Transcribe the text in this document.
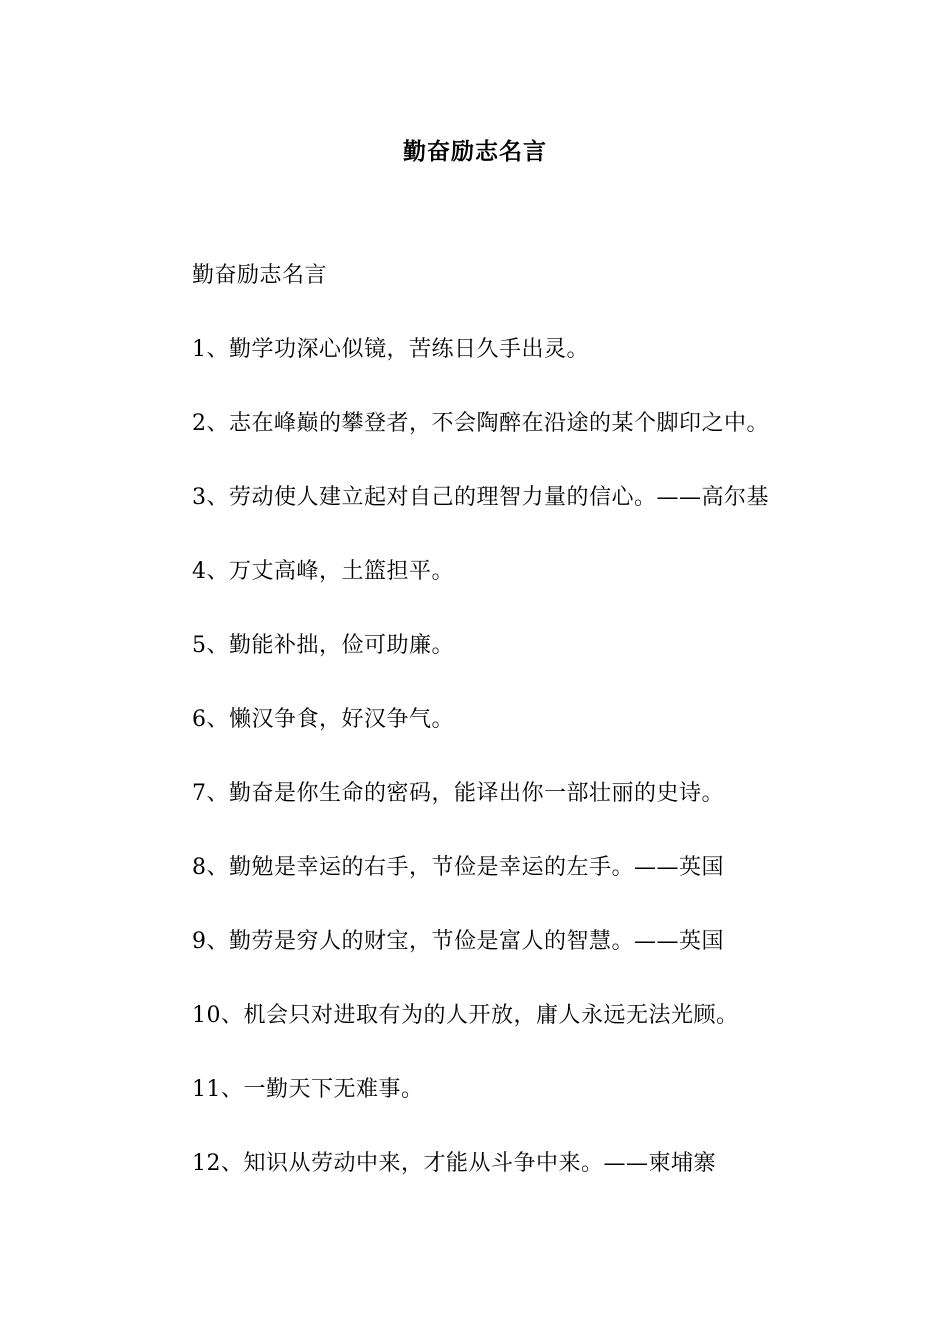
勤奋励志名言
勤奋励志名言
1、勤学功深心似镜，苦练日久手出灵。
2、志在峰巅的攀登者，不会陶醉在沿途的某个脚印之中。
3、劳动使人建立起对自己的理智力量的信心。——高尔基
4、万丈高峰，土篮担平。
5、勤能补拙，俭可助廉。
6、懒汉争食，好汉争气。
7、勤奋是你生命的密码，能译出你一部壮丽的史诗。
8、勤勉是幸运的右手，节俭是幸运的左手。——英国
9、勤劳是穷人的财宝，节俭是富人的智慧。——英国
10、机会只对进取有为的人开放，庸人永远无法光顾。
11、一勤天下无难事。
12、知识从劳动中来，才能从斗争中来。——柬埔寨
